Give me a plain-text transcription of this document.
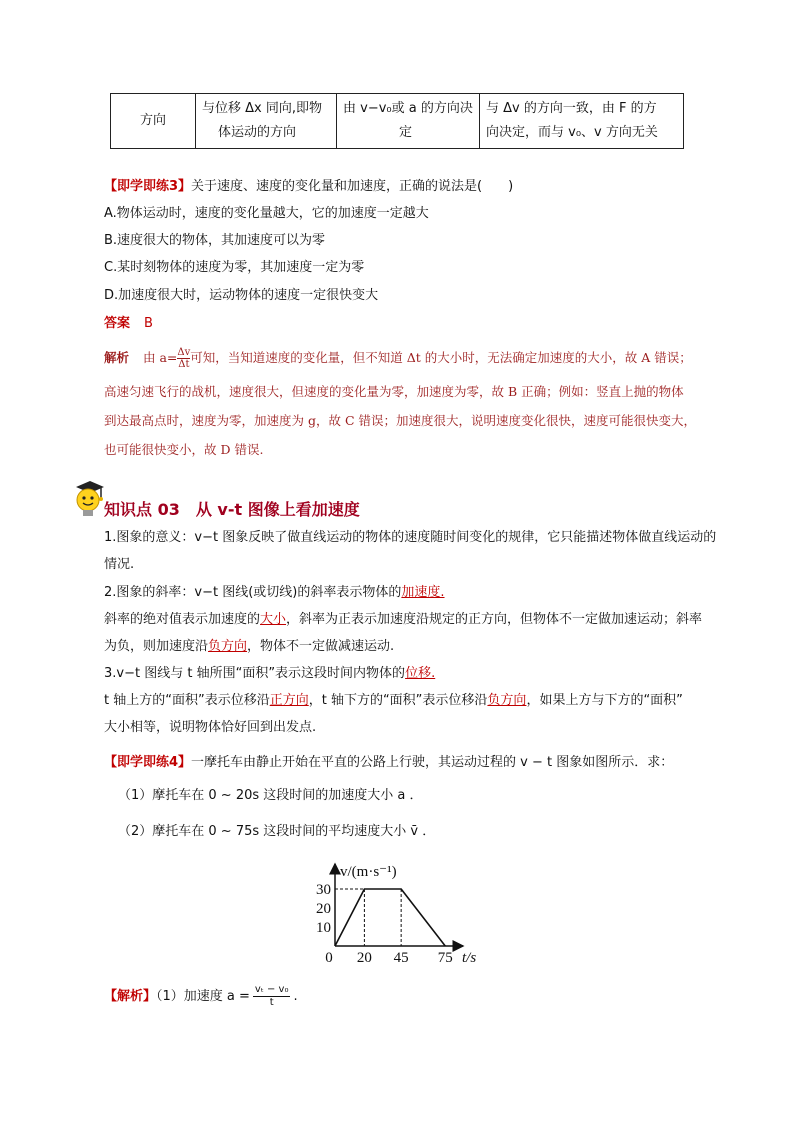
方向	与位移 Δx 同向,即物
体运动的方向	由 v−v₀或 a 的方向决
定	与 Δv 的方向一致，由 F 的方
向决定，而与 v₀、v 方向无关
【即学即练3】关于速度、速度的变化量和加速度，正确的说法是(　　)
A.物体运动时，速度的变化量越大，它的加速度一定越大
B.速度很大的物体，其加速度可以为零
C.某时刻物体的速度为零，其加速度一定为零
D.加速度很大时，运动物体的速度一定很快变大
答案 B
解析 由 $a= \frac{\Delta v}{\Delta t}$ 可知，当知道速度的变化量，但不知道 Δt 的大小时，无法确定加速度的大小，故 A 错误；
高速匀速飞行的战机，速度很大，但速度的变化量为零，加速度为零，故 B 正确；例如：竖直上抛的物体
到达最高点时，速度为零，加速度为 g，故 C 错误；加速度很大，说明速度变化很快，速度可能很快变大，
也可能很快变小，故 D 错误.
知识点 03　从 v-t 图像上看加速度
1.图象的意义：v−t 图象反映了做直线运动的物体的速度随时间变化的规律，它只能描述物体做直线运动的
情况.
2.图象的斜率：v−t 图线(或切线)的斜率表示物体的加速度.
斜率的绝对值表示加速度的大小，斜率为正表示加速度沿规定的正方向，但物体不一定做加速运动；斜率
为负，则加速度沿负方向，物体不一定做减速运动.
3.v−t 图线与 t 轴所围“面积”表示这段时间内物体的位移.
t 轴上方的“面积”表示位移沿正方向，t 轴下方的“面积”表示位移沿负方向，如果上方与下方的“面积”
大小相等，说明物体恰好回到出发点.
【即学即练4】一摩托车由静止开始在平直的公路上行驶，其运动过程的 v − t 图象如图所示．求：
（1）摩托车在 0 ~ 20s 这段时间的加速度大小 a ．
（2）摩托车在 0 ~ 75s 这段时间的平均速度大小 v̄ ．
v/(m·s⁻¹)
t/s
0 20 45 75
10
20
30
【解析】（1）加速度 $a = \frac{\text{vₜ − v₀}}{t}$ .
